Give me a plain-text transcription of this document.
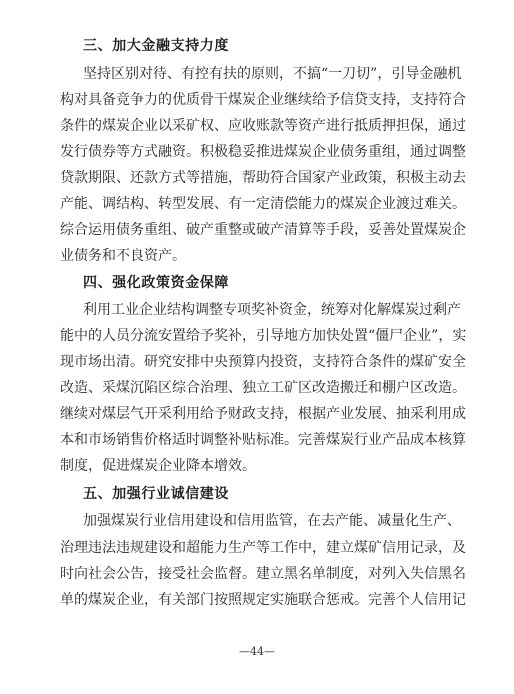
三、加大金融支持力度

坚持区别对待、有控有扶的原则，不搞“一刀切”，引导金融机

构对具备竞争力的优质骨干煤炭企业继续给予信贷支持，支持符合

条件的煤炭企业以采矿权、应收账款等资产进行抵质押担保，通过

发行债券等方式融资。积极稳妥推进煤炭企业债务重组，通过调整

贷款期限、还款方式等措施，帮助符合国家产业政策，积极主动去

产能、调结构、转型发展、有一定清偿能力的煤炭企业渡过难关。

综合运用债务重组、破产重整或破产清算等手段，妥善处置煤炭企

业债务和不良资产。

四、强化政策资金保障

利用工业企业结构调整专项奖补资金，统筹对化解煤炭过剩产

能中的人员分流安置给予奖补，引导地方加快处置“僵尸企业”，实

现市场出清。研究安排中央预算内投资，支持符合条件的煤矿安全

改造、采煤沉陷区综合治理、独立工矿区改造搬迁和棚户区改造。

继续对煤层气开采利用给予财政支持，根据产业发展、抽采利用成

本和市场销售价格适时调整补贴标准。完善煤炭行业产品成本核算

制度，促进煤炭企业降本增效。

五、加强行业诚信建设

加强煤炭行业信用建设和信用监管，在去产能、减量化生产、

治理违法违规建设和超能力生产等工作中，建立煤矿信用记录，及

时向社会公告，接受社会监督。建立黑名单制度，对列入失信黑名

单的煤炭企业，有关部门按照规定实施联合惩戒。完善个人信用记

—44—
